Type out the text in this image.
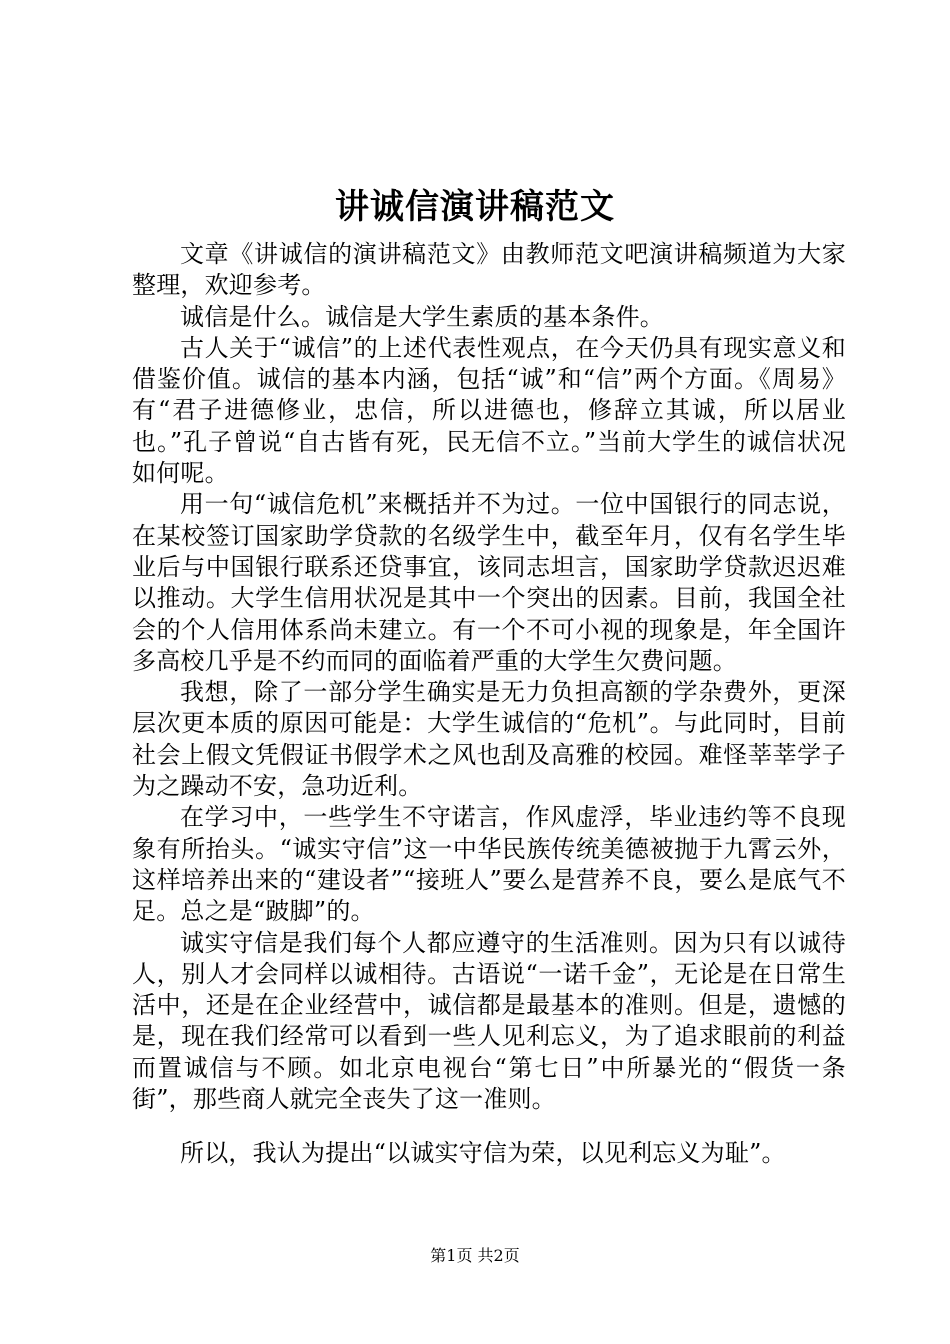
讲诚信演讲稿范文

文章《讲诚信的演讲稿范文》由教师范文吧演讲稿频道为大家整理，欢迎参考。

诚信是什么。诚信是大学生素质的基本条件。

古人关于“诚信”的上述代表性观点，在今天仍具有现实意义和借鉴价值。诚信的基本内涵，包括“诚”和“信”两个方面。《周易》有“君子进德修业，忠信，所以进德也，修辞立其诚，所以居业也。”孔子曾说“自古皆有死，民无信不立。”当前大学生的诚信状况如何呢。

用一句“诚信危机”来概括并不为过。一位中国银行的同志说，在某校签订国家助学贷款的名级学生中，截至年月，仅有名学生毕业后与中国银行联系还贷事宜，该同志坦言，国家助学贷款迟迟难以推动。大学生信用状况是其中一个突出的因素。目前，我国全社会的个人信用体系尚未建立。有一个不可小视的现象是，年全国许多高校几乎是不约而同的面临着严重的大学生欠费问题。

我想，除了一部分学生确实是无力负担高额的学杂费外，更深层次更本质的原因可能是：大学生诚信的“危机”。与此同时，目前社会上假文凭假证书假学术之风也刮及高雅的校园。难怪莘莘学子为之躁动不安，急功近利。

在学习中，一些学生不守诺言，作风虚浮，毕业违约等不良现象有所抬头。“诚实守信”这一中华民族传统美德被抛于九霄云外，这样培养出来的“建设者”“接班人”要么是营养不良，要么是底气不足。总之是“跛脚”的。

诚实守信是我们每个人都应遵守的生活准则。因为只有以诚待人，别人才会同样以诚相待。古语说“一诺千金”，无论是在日常生活中，还是在企业经营中，诚信都是最基本的准则。但是，遗憾的是，现在我们经常可以看到一些人见利忘义，为了追求眼前的利益而置诚信与不顾。如北京电视台“第七日”中所暴光的“假货一条街”，那些商人就完全丧失了这一准则。

所以，我认为提出“以诚实守信为荣，以见利忘义为耻”。

第1页 共2页
